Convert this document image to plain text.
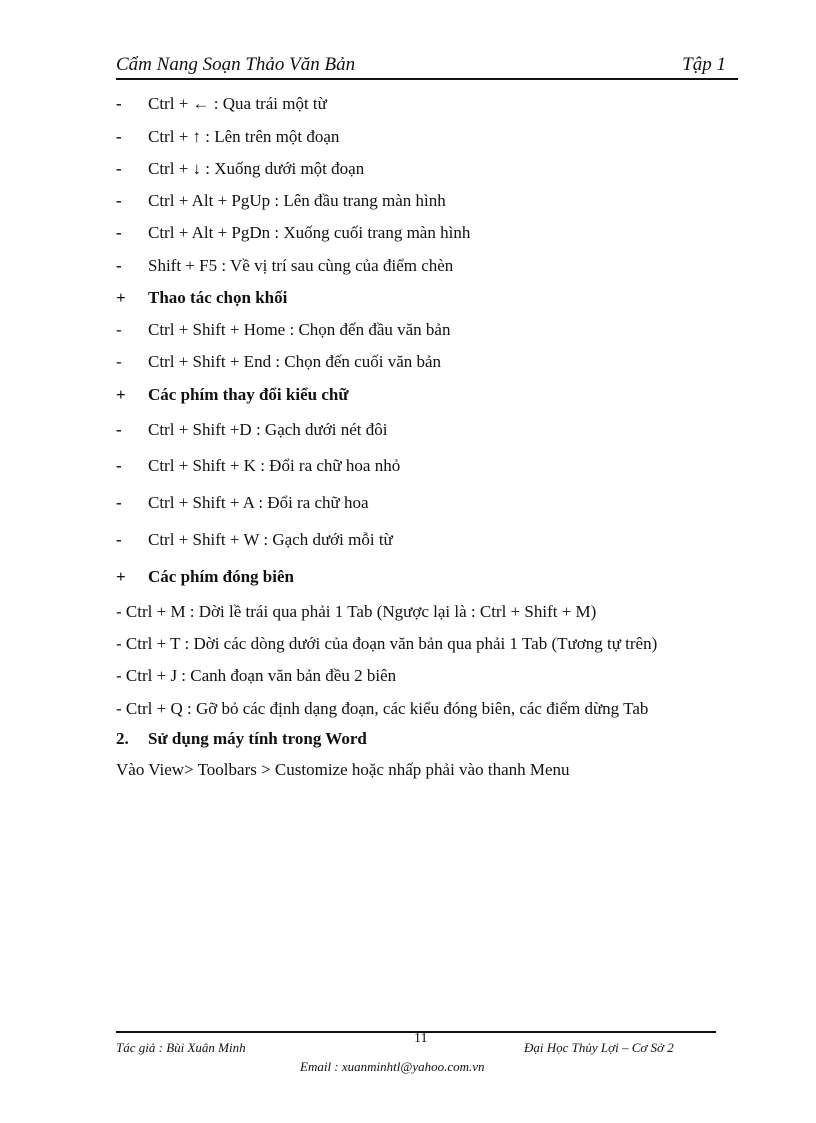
Cẩm Nang Soạn Thảo Văn Bản	Tập 1
-	Ctrl + ← : Qua trái một từ
-	Ctrl + ↑ : Lên trên một đoạn
-	Ctrl + ↓ : Xuống dưới một đoạn
-	Ctrl + Alt + PgUp : Lên đầu trang màn hình
-	Ctrl + Alt + PgDn : Xuống cuối trang màn hình
-	Shift + F5 : Về vị trí sau cùng của điểm chèn
+	Thao tác chọn khối
-	Ctrl + Shift + Home : Chọn đến đầu văn bản
-	Ctrl + Shift + End : Chọn đến cuối văn bản
+	Các phím thay đổi kiểu chữ
-	Ctrl + Shift +D : Gạch dưới nét đôi
-	Ctrl + Shift + K : Đổi ra chữ hoa nhỏ
-	Ctrl + Shift + A : Đổi ra chữ hoa
-	Ctrl + Shift + W : Gạch dưới mỗi từ
+	Các phím đóng biên
- Ctrl + M : Dời lề trái qua phải 1 Tab (Ngược lại là : Ctrl + Shift + M)
- Ctrl + T : Dời các dòng dưới của đoạn văn bản qua phải 1 Tab (Tương tự trên)
- Ctrl + J : Canh đoạn văn bản đều 2 biên
- Ctrl + Q : Gỡ bỏ các định dạng đoạn, các kiểu đóng biên, các điểm dừng Tab
2.	Sử dụng máy tính trong Word
Vào View> Toolbars > Customize hoặc nhấp phải vào thanh Menu
11
Tác giả : Bùi Xuân Minh	Đại Học Thủy Lợi – Cơ Sở 2
Email : xuanminhtl@yahoo.com.vn
